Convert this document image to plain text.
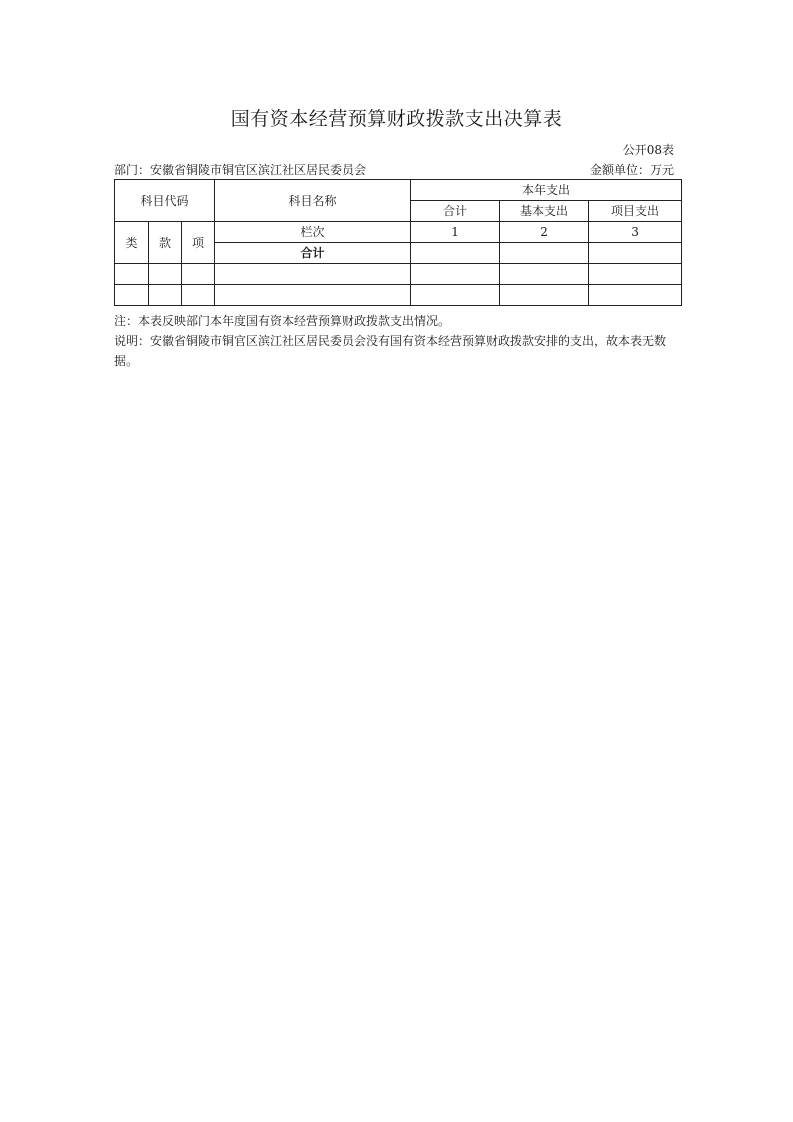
国有资本经营预算财政拨款支出决算表
公开08表
部门：安徽省铜陵市铜官区滨江社区居民委员会	金额单位：万元
科目代码			科目名称	本年支出		
				合计	基本支出	项目支出
类	款	项	栏次	1	2	3
			合计			

注：本表反映部门本年度国有资本经营预算财政拨款支出情况。
说明：安徽省铜陵市铜官区滨江社区居民委员会没有国有资本经营预算财政拨款安排的支出，故本表无数据。
